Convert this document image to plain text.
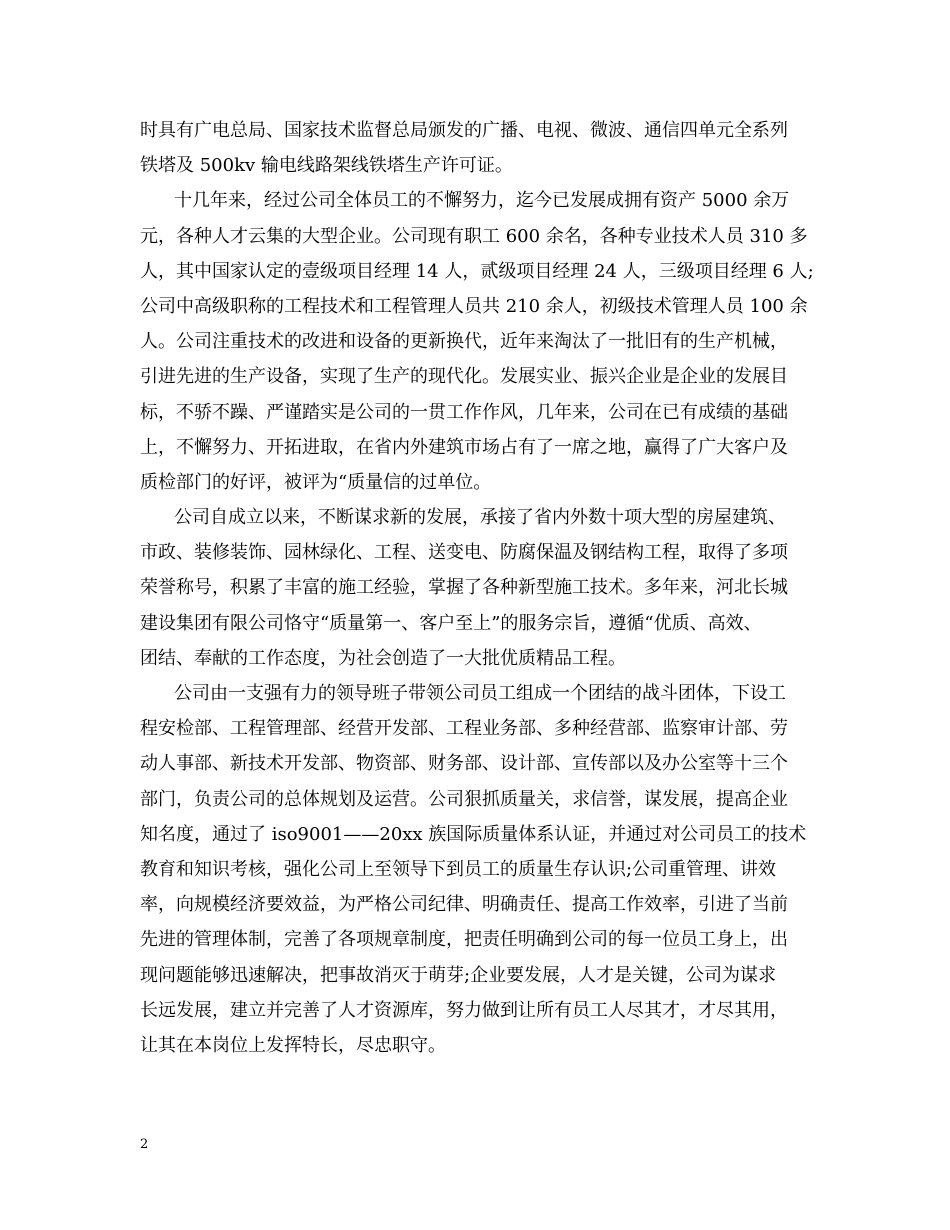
时具有广电总局、国家技术监督总局颁发的广播、电视、微波、通信四单元全系列
铁塔及 500kv 输电线路架线铁塔生产许可证。
十几年来，经过公司全体员工的不懈努力，迄今已发展成拥有资产 5000 余万
元，各种人才云集的大型企业。公司现有职工 600 余名，各种专业技术人员 310 多
人，其中国家认定的壹级项目经理 14 人，贰级项目经理 24 人，三级项目经理 6 人;
公司中高级职称的工程技术和工程管理人员共 210 余人，初级技术管理人员 100 余
人。公司注重技术的改进和设备的更新换代，近年来淘汰了一批旧有的生产机械，
引进先进的生产设备，实现了生产的现代化。发展实业、振兴企业是企业的发展目
标，不骄不躁、严谨踏实是公司的一贯工作作风，几年来，公司在已有成绩的基础
上，不懈努力、开拓进取，在省内外建筑市场占有了一席之地，赢得了广大客户及
质检部门的好评，被评为“质量信的过单位。
公司自成立以来，不断谋求新的发展，承接了省内外数十项大型的房屋建筑、
市政、装修装饰、园林绿化、工程、送变电、防腐保温及钢结构工程，取得了多项
荣誉称号，积累了丰富的施工经验，掌握了各种新型施工技术。多年来，河北长城
建设集团有限公司恪守“质量第一、客户至上”的服务宗旨，遵循“优质、高效、
团结、奉献的工作态度，为社会创造了一大批优质精品工程。
公司由一支强有力的领导班子带领公司员工组成一个团结的战斗团体，下设工
程安检部、工程管理部、经营开发部、工程业务部、多种经营部、监察审计部、劳
动人事部、新技术开发部、物资部、财务部、设计部、宣传部以及办公室等十三个
部门，负责公司的总体规划及运营。公司狠抓质量关，求信誉，谋发展，提高企业
知名度，通过了 iso9001——20xx 族国际质量体系认证，并通过对公司员工的技术
教育和知识考核，强化公司上至领导下到员工的质量生存认识;公司重管理、讲效
率，向规模经济要效益，为严格公司纪律、明确责任、提高工作效率，引进了当前
先进的管理体制，完善了各项规章制度，把责任明确到公司的每一位员工身上，出
现问题能够迅速解决，把事故消灭于萌芽;企业要发展，人才是关键，公司为谋求
长远发展，建立并完善了人才资源库，努力做到让所有员工人尽其才，才尽其用，
让其在本岗位上发挥特长，尽忠职守。
2
